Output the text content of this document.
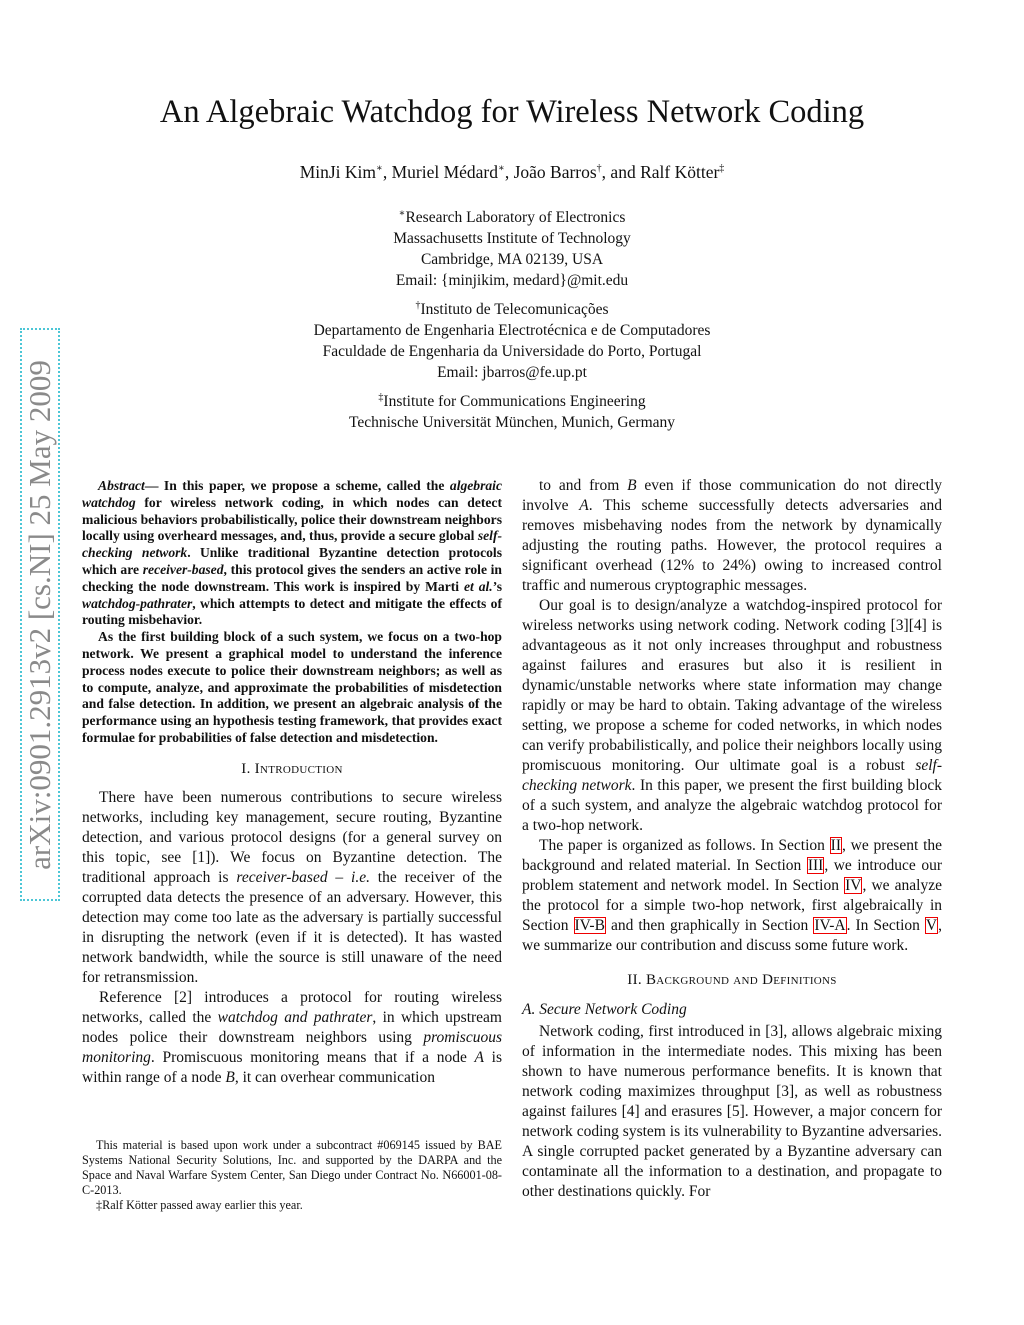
An Algebraic Watchdog for Wireless Network Coding
MinJi Kim∗, Muriel Médard∗, João Barros†, and Ralf Kötter‡
∗Research Laboratory of Electronics
Massachusetts Institute of Technology
Cambridge, MA 02139, USA
Email: {minjikim, medard}@mit.edu
†Instituto de Telecomunicações
Departamento de Engenharia Electrotécnica e de Computadores
Faculdade de Engenharia da Universidade do Porto, Portugal
Email: jbarros@fe.up.pt
‡Institute for Communications Engineering
Technische Universität München, Munich, Germany
arXiv:0901.2913v2 [cs.NI] 25 May 2009	Abstract— In this paper, we propose a scheme, called the algebraic watchdog for wireless network coding, in which nodes can detect malicious behaviors probabilistically, police their downstream neighbors locally using overheard messages, and, thus, provide a secure global self-checking network. Unlike traditional Byzantine detection protocols which are receiver-based, this protocol gives the senders an active role in checking the node downstream. This work is inspired by Marti et al.’s watchdog-pathrater, which attempts to detect and mitigate the effects of routing misbehavior.

As the first building block of a such system, we focus on a two-hop network. We present a graphical model to understand the inference process nodes execute to police their downstream neighbors; as well as to compute, analyze, and approximate the probabilities of misdetection and false detection. In addition, we present an algebraic analysis of the performance using an hypothesis testing framework, that provides exact formulae for probabilities of false detection and misdetection.

I. Introduction

There have been numerous contributions to secure wireless networks, including key management, secure routing, Byzantine detection, and various protocol designs (for a general survey on this topic, see [1]). We focus on Byzantine detection. The traditional approach is receiver-based – i.e. the receiver of the corrupted data detects the presence of an adversary. However, this detection may come too late as the adversary is partially successful in disrupting the network (even if it is detected). It has wasted network bandwidth, while the source is still unaware of the need for retransmission.

Reference [2] introduces a protocol for routing wireless networks, called the watchdog and pathrater, in which upstream nodes police their downstream neighbors using promiscuous monitoring. Promiscuous monitoring means that if a node A is within range of a node B, it can overhear communication

This material is based upon work under a subcontract #069145 issued by BAE Systems National Security Solutions, Inc. and supported by the DARPA and the Space and Naval Warfare System Center, San Diego under Contract No. N66001-08-C-2013.

‡Ralf Kötter passed away earlier this year.

to and from B even if those communication do not directly involve A. This scheme successfully detects adversaries and removes misbehaving nodes from the network by dynamically adjusting the routing paths. However, the protocol requires a significant overhead (12% to 24%) owing to increased control traffic and numerous cryptographic messages.

Our goal is to design/analyze a watchdog-inspired protocol for wireless networks using network coding. Network coding [3][4] is advantageous as it not only increases throughput and robustness against failures and erasures but also it is resilient in dynamic/unstable networks where state information may change rapidly or may be hard to obtain. Taking advantage of the wireless setting, we propose a scheme for coded networks, in which nodes can verify probabilistically, and police their neighbors locally using promiscuous monitoring. Our ultimate goal is a robust self-checking network. In this paper, we present the first building block of a such system, and analyze the algebraic watchdog protocol for a two-hop network.

The paper is organized as follows. In Section II, we present the background and related material. In Section III, we introduce our problem statement and network model. In Section IV, we analyze the protocol for a simple two-hop network, first algebraically in Section IV-B and then graphically in Section IV-A. In Section V, we summarize our contribution and discuss some future work.

II. Background and Definitions
A. Secure Network Coding

Network coding, first introduced in [3], allows algebraic mixing of information in the intermediate nodes. This mixing has been shown to have numerous performance benefits. It is known that network coding maximizes throughput [3], as well as robustness against failures [4] and erasures [5]. However, a major concern for network coding system is its vulnerability to Byzantine adversaries. A single corrupted packet generated by a Byzantine adversary can contaminate all the information to a destination, and propagate to other destinations quickly. For
